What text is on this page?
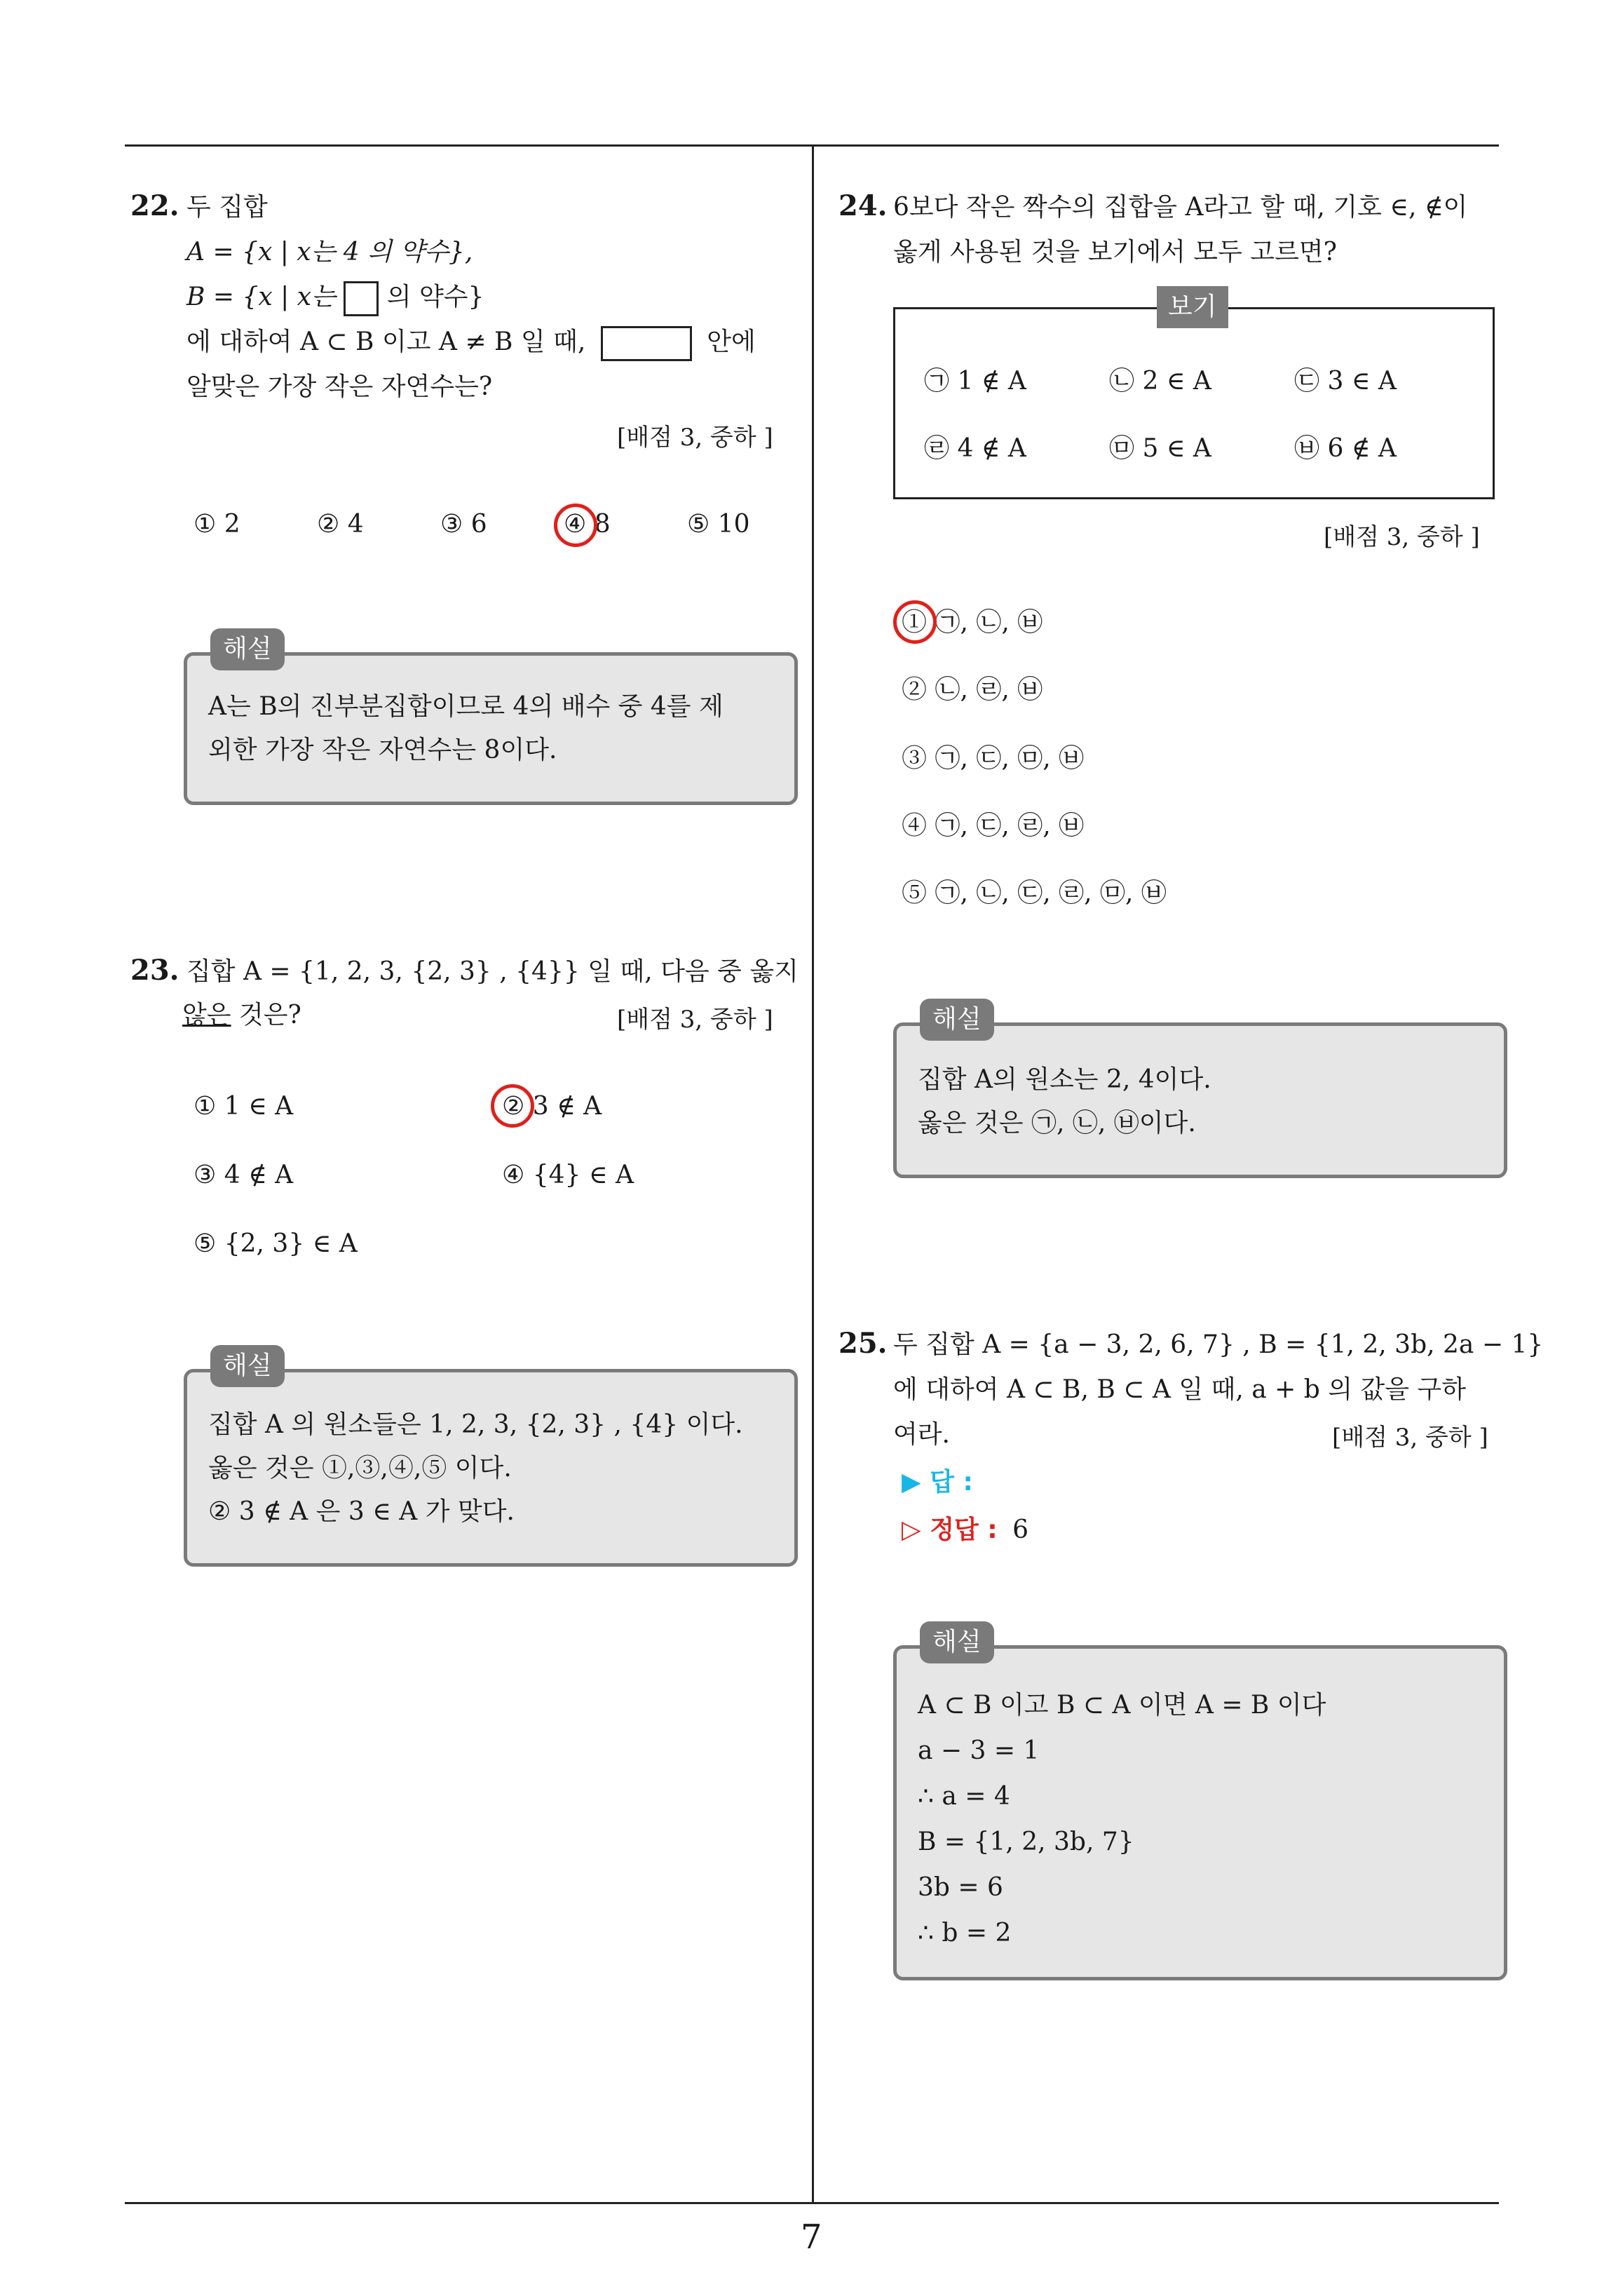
7
22. 두 집합
A = {x | x는 4 의 약수},
B = {x | x는 의 약수}
에 대하여 A ⊂ B 이고 A ≠ B 일 때,	안에
알맞은 가장 작은 자연수는?
[배점 3, 중하 ]
① 2	② 4	③ 6	④ 8	⑤ 10
A는 B의 진부분집합이므로 4의 배수 중 4를 제
외한 가장 작은 자연수는 8이다.
해설
23. 집합 A = {1, 2, 3, {2, 3} , {4}} 일 때, 다음 중 옳지
않은 것은?	[배점 3, 중하 ]
① 1 ∈ A	② 3 ∉ A
③ 4 ∉ A	④ {4} ∈ A
⑤ {2, 3} ∈ A
집합 A 의 원소들은 1, 2, 3, {2, 3} , {4} 이다.
옳은 것은 ①,③,④,⑤ 이다.
② 3 ∉ A 은 3 ∈ A 가 맞다.
해설
24. 6보다 작은 짝수의 집합을 A라고 할 때, 기호 ∈, ∉이
옳게 사용된 것을 보기에서 모두 고르면?
보기
㉠ 1 ∉ A	㉡ 2 ∈ A	㉢ 3 ∈ A
㉣ 4 ∉ A	㉤ 5 ∈ A	㉥ 6 ∉ A
[배점 3, 중하 ]
① ㉠, ㉡, ㉥
② ㉡, ㉣, ㉥
③ ㉠, ㉢, ㉤, ㉥
④ ㉠, ㉢, ㉣, ㉥
⑤ ㉠, ㉡, ㉢, ㉣, ㉤, ㉥
집합 A의 원소는 2, 4이다.
옳은 것은 ㉠, ㉡, ㉥이다.
해설
25. 두 집합 A = {a − 3, 2, 6, 7} , B = {1, 2, 3b, 2a − 1}
에 대하여 A ⊂ B, B ⊂ A 일 때, a + b 의 값을 구하
여라.	[배점 3, 중하 ]
▶ 답 :
▷ 정답 : 6
A ⊂ B 이고 B ⊂ A 이면 A = B 이다
a − 3 = 1
∴ a = 4
B = {1, 2, 3b, 7}
3b = 6
∴ b = 2
해설
